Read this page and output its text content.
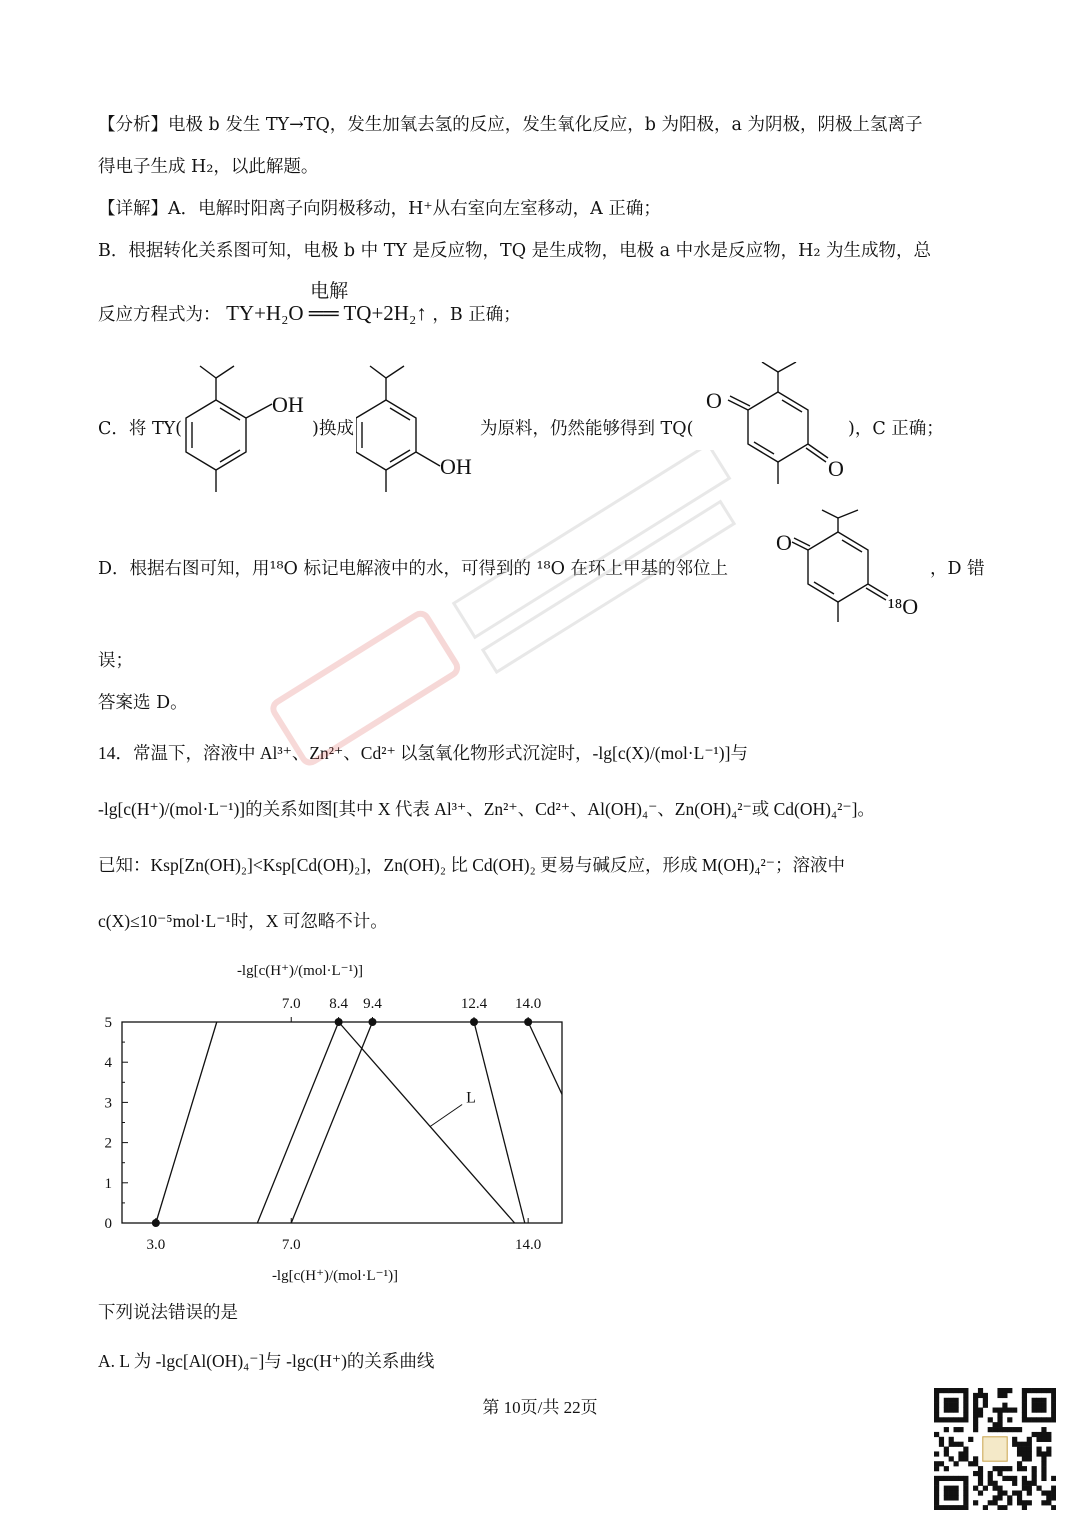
【分析】电极 b 发生 TY→TQ，发生加氧去氢的反应，发生氧化反应，b 为阳极，a 为阴极，阴极上氢离子
得电子生成 H₂，以此解题。
【详解】A．电解时阳离子向阴极移动，H⁺从右室向左室移动，A 正确；
B．根据转化关系图可知，电极 b 中 TY 是反应物，TQ 是生成物，电极 a 中水是反应物，H₂ 为生成物，总
反应方程式为： TY+H₂O ══ TQ+2H₂↑
电解
，B 正确；
C．将 TY(	)换成	为原料，仍然能够得到 TQ(	)，C 正确；
OH
OH
O
O
D．根据右图可知，用¹⁸O 标记电解液中的水，可得到的 ¹⁸O 在环上甲基的邻位上	，D 错
O
¹⁸O
误；
答案选 D。
14．常温下，溶液中 Al³⁺、Zn²⁺、Cd²⁺ 以氢氧化物形式沉淀时，-lg[c(X)/(mol·L⁻¹)]与
-lg[c(H⁺)/(mol·L⁻¹)]的关系如图[其中 X 代表 Al³⁺、Zn²⁺、Cd²⁺、Al(OH)₄⁻、Zn(OH)₄²⁻或 Cd(OH)₄²⁻]。
已知：Ksp[Zn(OH)₂]<Ksp[Cd(OH)₂]，Zn(OH)₂ 比 Cd(OH)₂ 更易与碱反应，形成 M(OH)₄²⁻；溶液中
c(X)≤10⁻⁵mol·L⁻¹时，X 可忽略不计。
-lg[c(H⁺)/(mol·L⁻¹)]
-lg[c(H⁺)/(mol·L⁻¹)]
0
1
2
3
4
5
3.0	7.0	14.0
7.0 8.4 9.4	12.4 14.0
L
下列说法错误的是
A. L 为 -lgc[Al(OH)₄⁻]与 -lgc(H⁺)的关系曲线
第 10页/共 22页
